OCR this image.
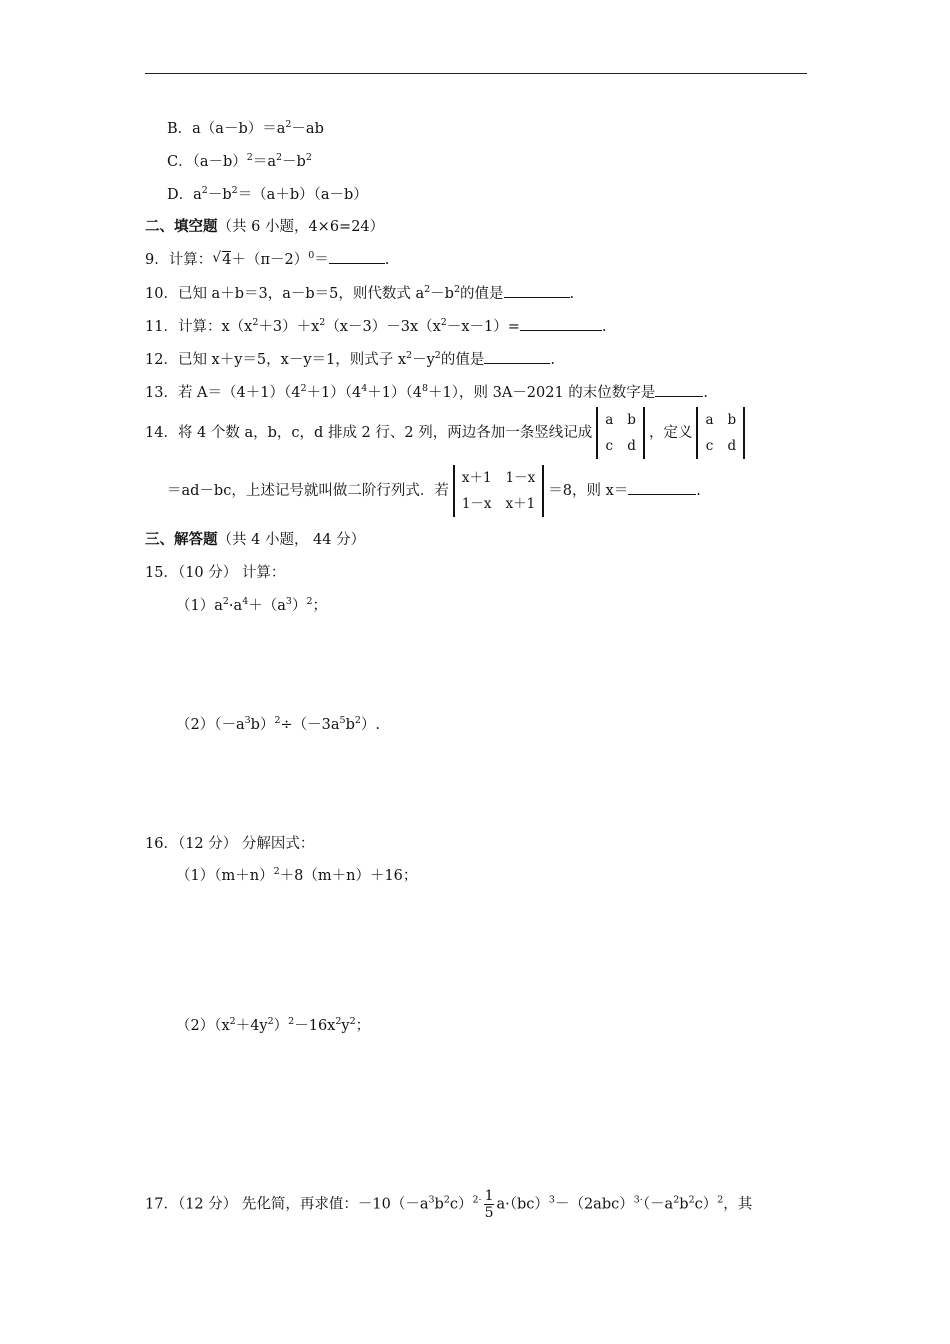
B．$a(a-b)=a^2-ab$
C．$(a-b)^2=a^2-b^2$
D．$a^2-b^2=(a+b)(a-b)$
二、填空题（共 6 小题，4×6=24）
9．计算： √ $4+(\pi-2)^0=$	.
10．已知 a＋b＝3，a－b＝5，则代数式 $a^2-b^2$的值是	.
11．计算：$x(x^2+3)+x^2(x-3)-3x(x^2-x-1)=$	.
12．已知 x＋y＝5，x－y＝1，则式子 $x^2-y^2$的值是	.
13．若 $A=(4+1)(4^2+1)(4^4+1)(4^8+1)$，则 3A－2021 的末位数字是	.
14．将 4 个数 a，b，c，d 排成 2 行、2 列，两边各加一条竖线记成
a	b
c	d
，定义
a	b
c	d
＝ad－bc，上述记号就叫做二阶行列式．若
x＋1	1－x
1－x	x＋1
＝8，则 x＝	.
三、解答题（共 4 小题， 44 分）
15．（10 分） 计算：
$(1)a^2\cdot a^4+(a^3)^2$；
$(2)(-a^3b)^2\div(-3a^5b^2)$.
16．（12 分） 分解因式：
$(1)(m+n)^2+8(m+n)+16$；
$(2)(x^2+4y^2)^2-16x^2y^2$；
17．（12 分） 先化简，再求值：$-10(-a^3b^2c)^{2\cdot} \frac{1}{5} a\cdot(bc)^3-(2abc)^{3\cdot}(-a^2b^2c)^2$，其
